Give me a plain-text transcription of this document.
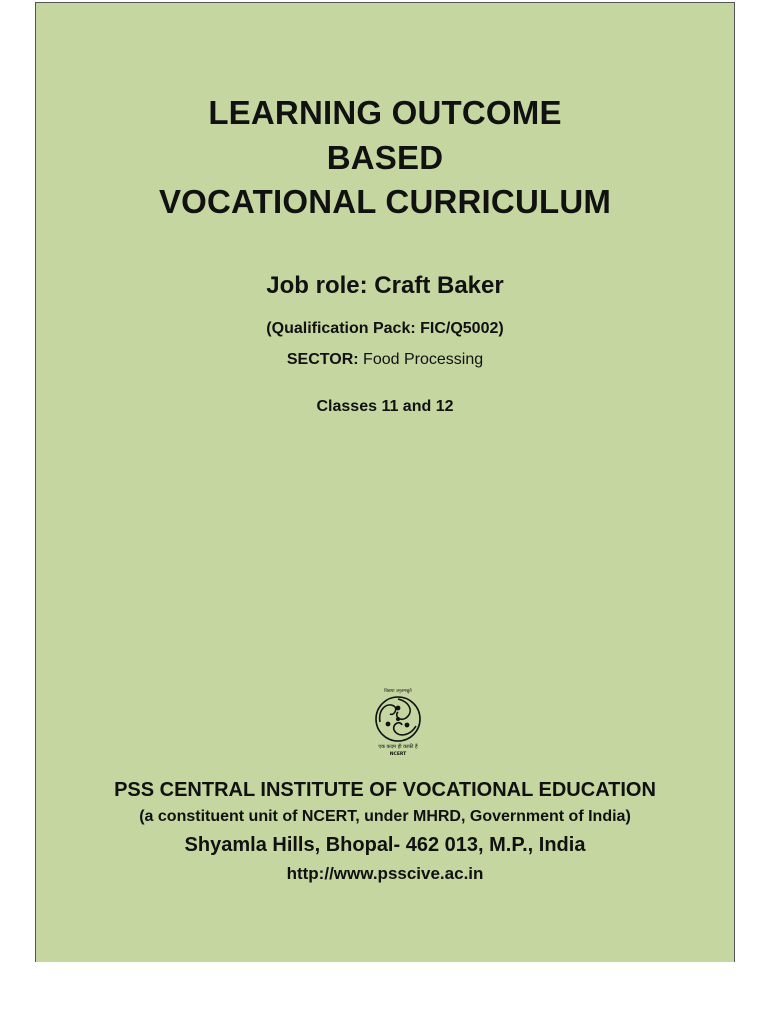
LEARNING OUTCOME
BASED
VOCATIONAL CURRICULUM
Job role: Craft Baker
(Qualification Pack: FIC/Q5002)
SECTOR: Food Processing
Classes 11 and 12
विद्यया ऽमृतमश्नुते
एक कदम ही काफ़ी हैं
NCERT
PSS CENTRAL INSTITUTE OF VOCATIONAL EDUCATION
(a constituent unit of NCERT, under MHRD, Government of India)
Shyamla Hills, Bhopal- 462 013, M.P., India
http://www.psscive.ac.in
